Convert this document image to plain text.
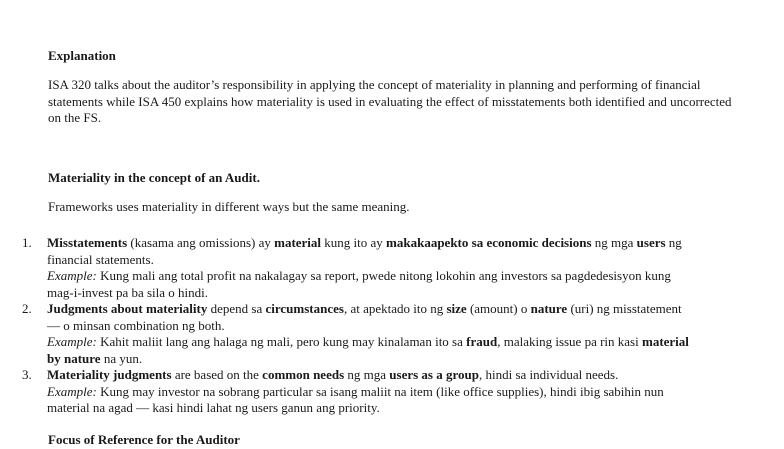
Explanation

ISA 320 talks about the auditor’s responsibility in applying the concept of materiality in planning and performing of financial statements while ISA 450 explains how materiality is used in evaluating the effect of misstatements both identified and uncorrected on the FS.

Materiality in the concept of an Audit.

Frameworks uses materiality in different ways but the same meaning.

Focus of Reference for the Auditor

1. Misstatements (kasama ang omissions) ay material kung ito ay makakaapekto sa economic decisions ng mga users ng financial statements.
Example: Kung mali ang total profit na nakalagay sa report, pwede nitong lokohin ang investors sa pagdedesisyon kung mag-i-invest pa ba sila o hindi.
2. Judgments about materiality depend sa circumstances, at apektado ito ng size (amount) o nature (uri) ng misstatement — o minsan combination ng both.
Example: Kahit maliit lang ang halaga ng mali, pero kung may kinalaman ito sa fraud, malaking issue pa rin kasi material by nature na yun.
3. Materiality judgments are based on the common needs ng mga users as a group, hindi sa individual needs.
Example: Kung may investor na sobrang particular sa isang maliit na item (like office supplies), hindi ibig sabihin nun material na agad — kasi hindi lahat ng users ganun ang priority.
